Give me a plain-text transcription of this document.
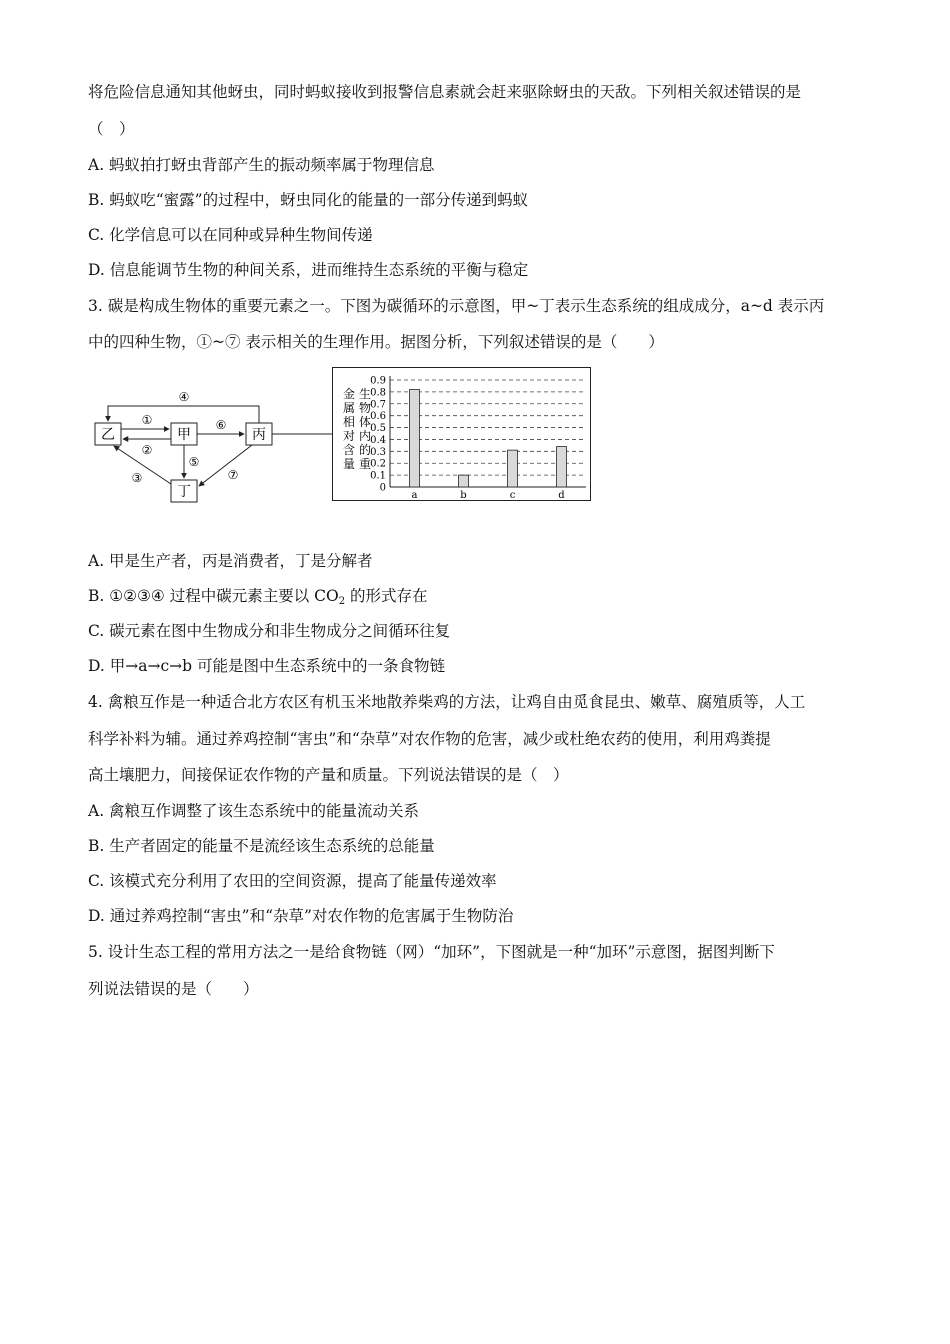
将危险信息通知其他蚜虫，同时蚂蚁接收到报警信息素就会赶来驱除蚜虫的天敌。下列相关叙述错误的是
（　）
A. 蚂蚁拍打蚜虫背部产生的振动频率属于物理信息
B. 蚂蚁吃“蜜露”的过程中，蚜虫同化的能量的一部分传递到蚂蚁
C. 化学信息可以在同种或异种生物间传递
D. 信息能调节生物的种间关系，进而维持生态系统的平衡与稳定
3. 碳是构成生物体的重要元素之一。下图为碳循环的示意图，甲~丁表示生态系统的组成成分，a~d 表示丙
中的四种生物，①~⑦ 表示相关的生理作用。据图分析，下列叙述错误的是（　　）
乙	甲	丙
丁
④
①
②
⑥
⑤
③	⑦
金属相对含量
生物体内的重
0.9
0.8
0.7
0.6
0.5
0.4
0.3
0.2
0.1
0
a	b	c	d
A. 甲是生产者，丙是消费者，丁是分解者
B. ①②③④ 过程中碳元素主要以 $CO_2$ 的形式存在
C. 碳元素在图中生物成分和非生物成分之间循环往复
D. 甲→a→c→b 可能是图中生态系统中的一条食物链
4. 禽粮互作是一种适合北方农区有机玉米地散养柴鸡的方法，让鸡自由觅食昆虫、嫩草、腐殖质等，人工
科学补料为辅。通过养鸡控制“害虫”和“杂草”对农作物的危害，减少或杜绝农药的使用，利用鸡粪提
高土壤肥力，间接保证农作物的产量和质量。下列说法错误的是（　）
A. 禽粮互作调整了该生态系统中的能量流动关系
B. 生产者固定的能量不是流经该生态系统的总能量
C. 该模式充分利用了农田的空间资源，提高了能量传递效率
D. 通过养鸡控制“害虫”和“杂草”对农作物的危害属于生物防治
5. 设计生态工程的常用方法之一是给食物链（网）“加环”，下图就是一种“加环”示意图，据图判断下
列说法错误的是（　　）
